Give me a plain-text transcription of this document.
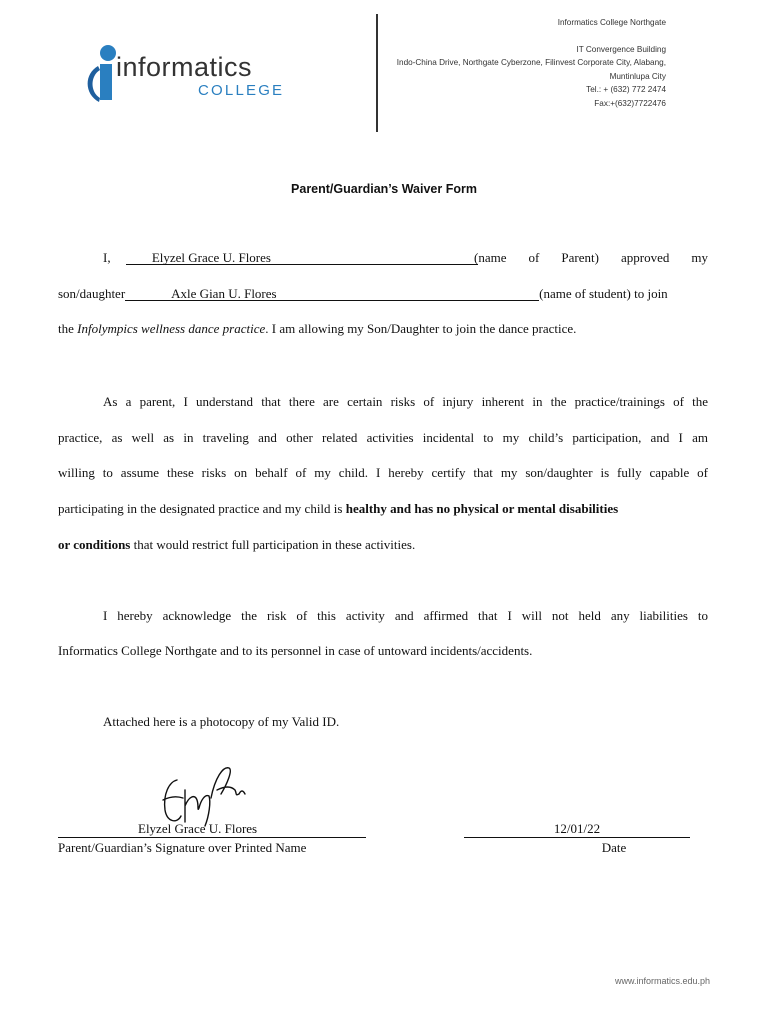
informatics
COLLEGE
Informatics College Northgate
IT Convergence Building
Indo-China Drive, Northgate Cyberzone, Filinvest Corporate City, Alabang,
Muntinlupa City
Tel.: + (632) 772 2474
Fax:+(632)7722476
Parent/Guardian’s Waiver Form
I,	Elyzel Grace U. Flores	(name of Parent) approved my
son/daughter	Axle Gian U. Flores	(name of student) to join
the Infolympics wellness dance practice. I am allowing my Son/Daughter to join the dance practice.
As a parent, I understand that there are certain risks of injury inherent in the practice/trainings of the
practice, as well as in traveling and other related activities incidental to my child’s participation, and I am
willing to assume these risks on behalf of my child. I hereby certify that my son/daughter is fully capable of
participating in the designated practice and my child is healthy and has no physical or mental disabilities
or conditions that would restrict full participation in these activities.
I hereby acknowledge the risk of this activity and affirmed that I will not held any liabilities to
Informatics College Northgate and to its personnel in case of untoward incidents/accidents.
Attached here is a photocopy of my Valid ID.
Elyzel Grace U. Flores
Parent/Guardian’s Signature over Printed Name
12/01/22
Date
www.informatics.edu.ph
